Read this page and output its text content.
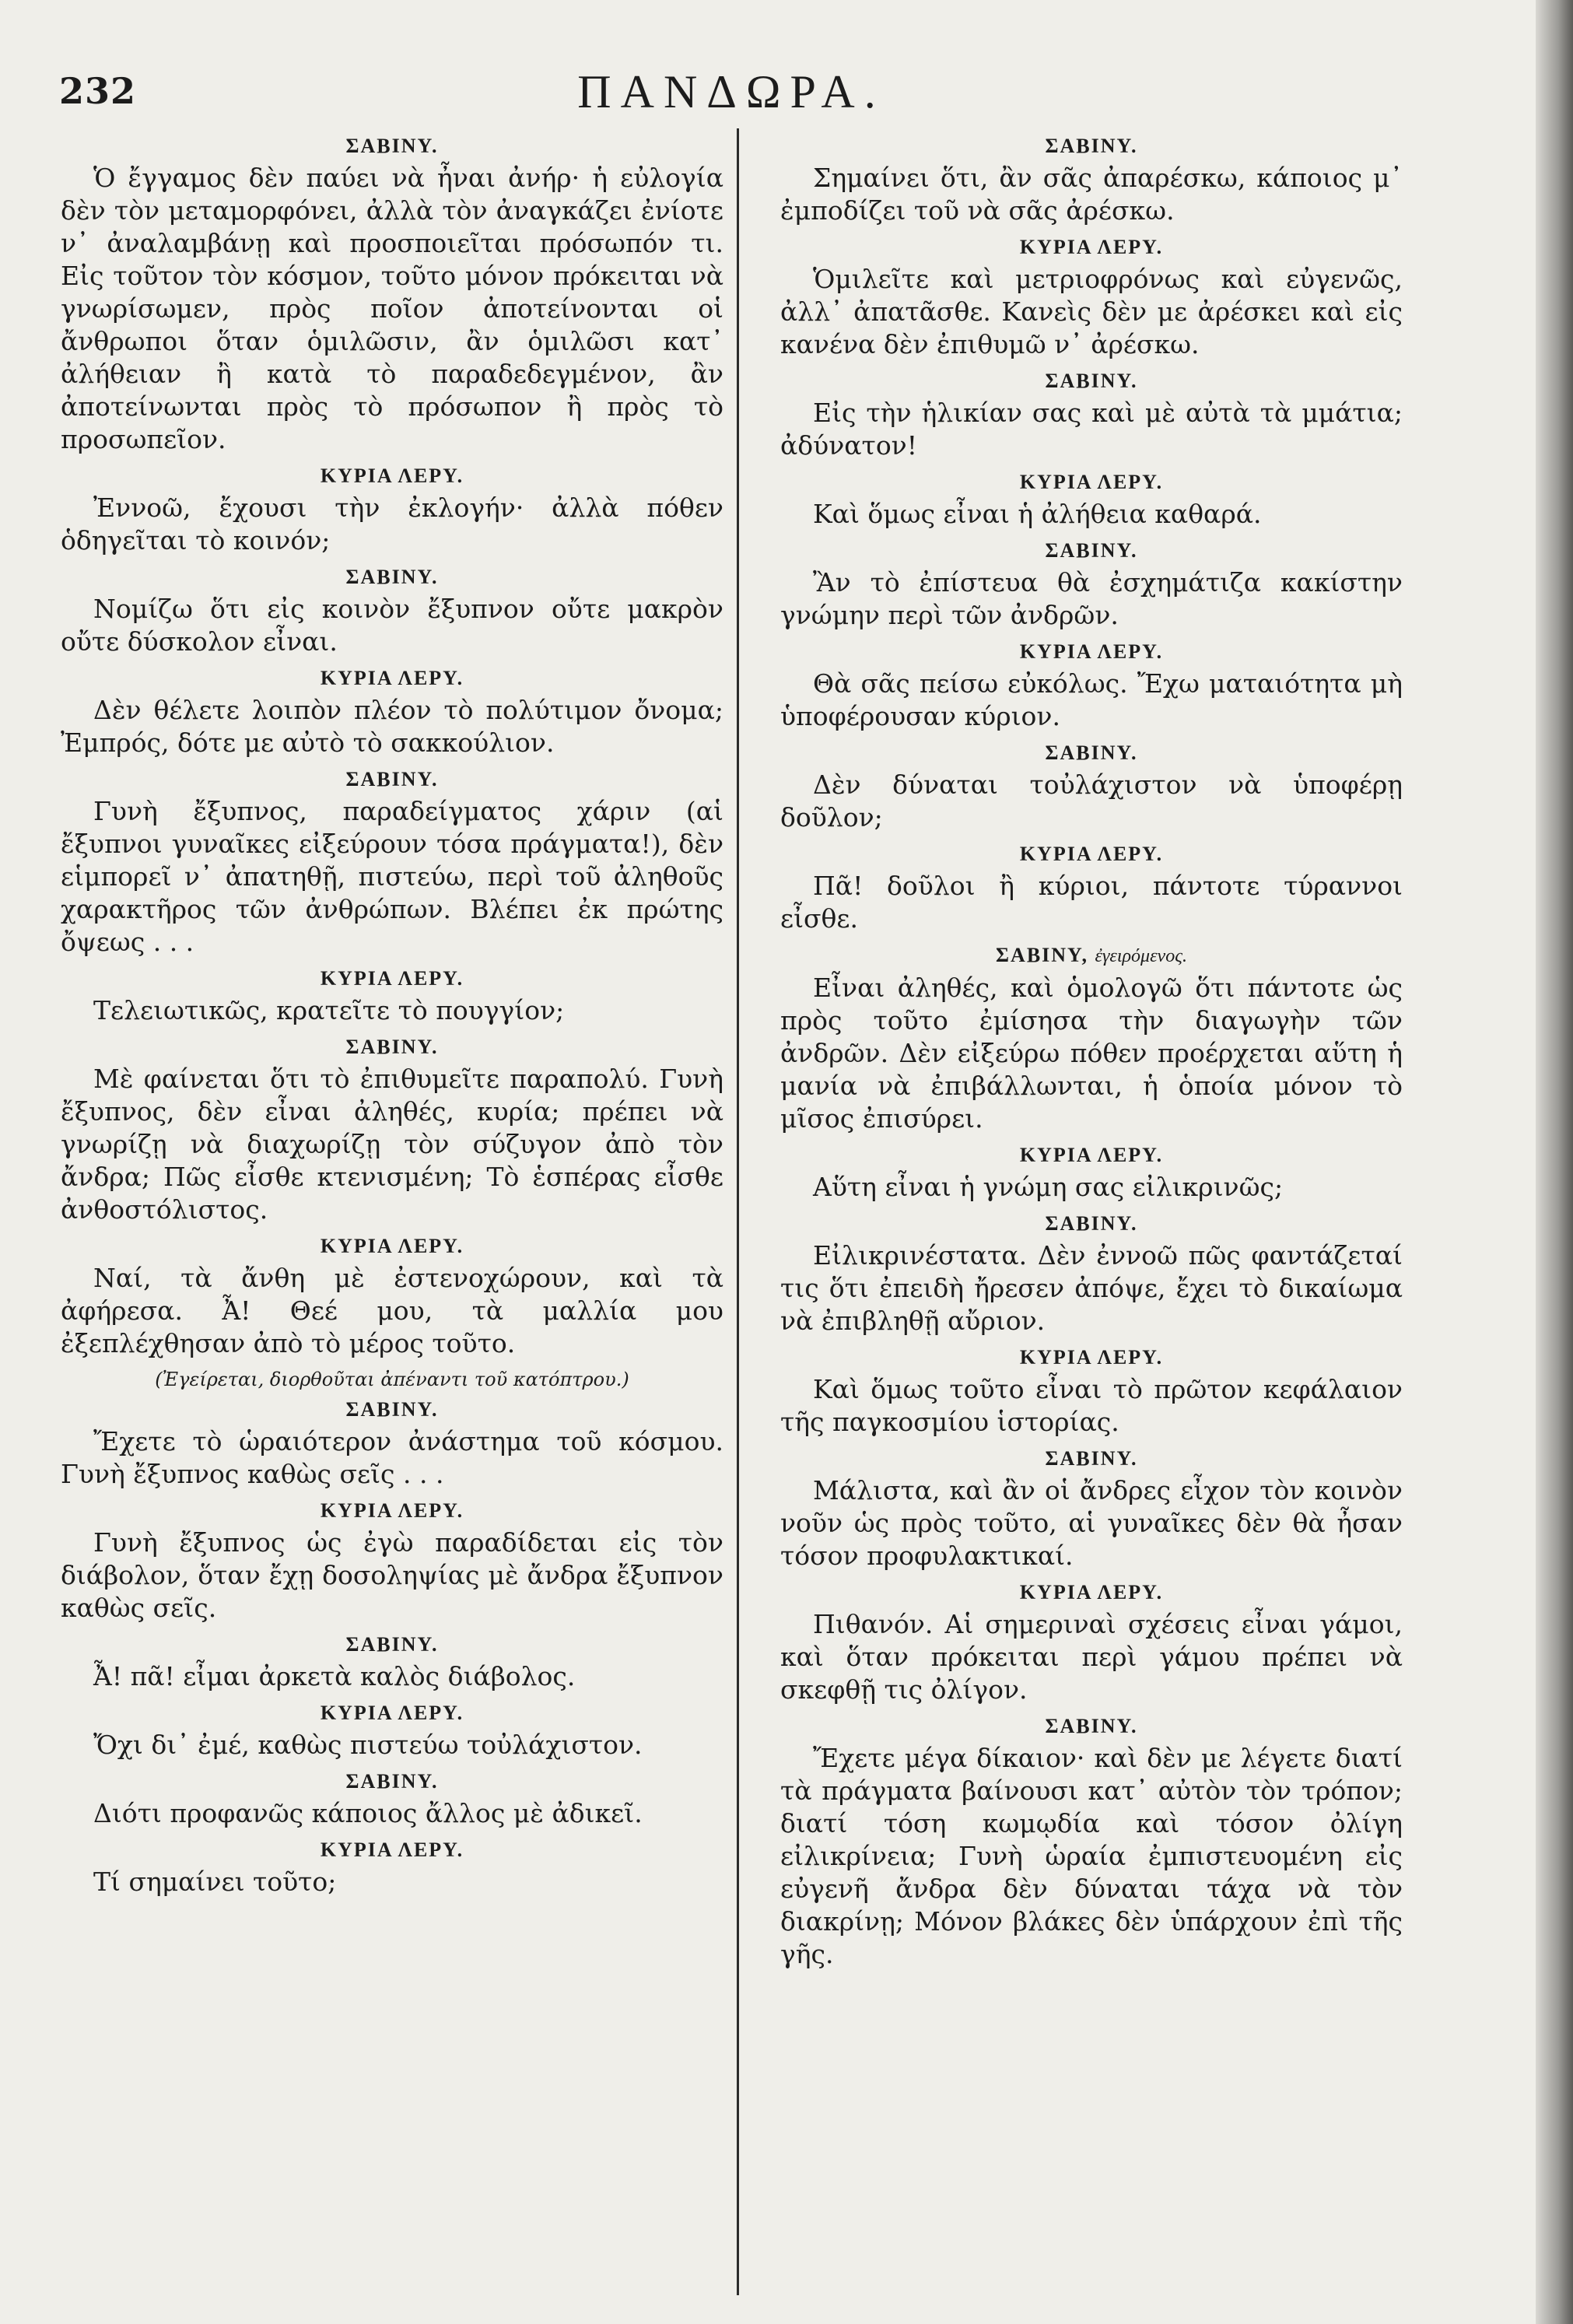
232	ΠΑΝΔΩΡΑ.
ΣΑΒΙΝΥ.

Ὁ ἔγγαμος δὲν παύει νὰ ἦναι ἀνήρ· ἡ εὐλογία δὲν τὸν μεταμορφόνει, ἀλλὰ τὸν ἀναγκάζει ἐνίοτε ν᾿ ἀναλαμβάνῃ καὶ προσποιεῖται πρόσωπόν τι. Εἰς τοῦτον τὸν κόσμον, τοῦτο μόνον πρόκειται νὰ γνωρίσωμεν, πρὸς ποῖον ἀποτείνονται οἱ ἄνθρωποι ὅταν ὁμιλῶσιν, ἂν ὁμιλῶσι κατ᾿ ἀλήθειαν ἢ κατὰ τὸ παραδεδεγμένον, ἂν ἀποτείνωνται πρὸς τὸ πρόσωπον ἢ πρὸς τὸ προσωπεῖον.

ΚΥΡΙΑ ΛΕΡΥ.

Ἐννοῶ, ἔχουσι τὴν ἐκλογήν· ἀλλὰ πόθεν ὁδηγεῖται τὸ κοινόν;

ΣΑΒΙΝΥ.

Νομίζω ὅτι εἰς κοινὸν ἔξυπνον οὔτε μακρὸν οὔτε δύσκολον εἶναι.

ΚΥΡΙΑ ΛΕΡΥ.

Δὲν θέλετε λοιπὸν πλέον τὸ πολύτιμον ὄνομα; Ἐμπρός, δότε με αὐτὸ τὸ σακκούλιον.

ΣΑΒΙΝΥ.

Γυνὴ ἔξυπνος, παραδείγματος χάριν (αἱ ἔξυπνοι γυναῖκες εἰξεύρουν τόσα πράγματα!), δὲν εἱμπορεῖ ν᾿ ἀπατηθῇ, πιστεύω, περὶ τοῦ ἀληθοῦς χαρακτῆρος τῶν ἀνθρώπων. Βλέπει ἐκ πρώτης ὄψεως . . .

ΚΥΡΙΑ ΛΕΡΥ.

Τελειωτικῶς, κρατεῖτε τὸ πουγγίον;

ΣΑΒΙΝΥ.

Μὲ φαίνεται ὅτι τὸ ἐπιθυμεῖτε παραπολύ. Γυνὴ ἔξυπνος, δὲν εἶναι ἀληθές, κυρία; πρέπει νὰ γνωρίζῃ νὰ διαχωρίζῃ τὸν σύζυγον ἀπὸ τὸν ἄνδρα; Πῶς εἶσθε κτενισμένη; Τὸ ἑσπέρας εἶσθε ἀνθοστόλιστος.

ΚΥΡΙΑ ΛΕΡΥ.

Ναί, τὰ ἄνθη μὲ ἐστενοχώρουν, καὶ τὰ ἀφήρεσα. Ἆ! Θεέ μου, τὰ μαλλία μου ἐξεπλέχθησαν ἀπὸ τὸ μέρος τοῦτο.

(Ἐγείρεται, διορθοῦται ἀπέναντι τοῦ κατόπτρου.)
ΣΑΒΙΝΥ.

Ἔχετε τὸ ὡραιότερον ἀνάστημα τοῦ κόσμου. Γυνὴ ἔξυπνος καθὼς σεῖς . . .

ΚΥΡΙΑ ΛΕΡΥ.

Γυνὴ ἔξυπνος ὡς ἐγὼ παραδίδεται εἰς τὸν διάβολον, ὅταν ἔχῃ δοσοληψίας μὲ ἄνδρα ἔξυπνον καθὼς σεῖς.

ΣΑΒΙΝΥ.

Ἆ! πᾶ! εἶμαι ἀρκετὰ καλὸς διάβολος.

ΚΥΡΙΑ ΛΕΡΥ.

Ὄχι δι᾿ ἐμέ, καθὼς πιστεύω τοὐλάχιστον.

ΣΑΒΙΝΥ.

Διότι προφανῶς κάποιος ἄλλος μὲ ἀδικεῖ.

ΚΥΡΙΑ ΛΕΡΥ.

Τί σημαίνει τοῦτο;

ΣΑΒΙΝΥ.

Σημαίνει ὅτι, ἂν σᾶς ἀπαρέσκω, κάποιος μ᾿ ἐμποδίζει τοῦ νὰ σᾶς ἀρέσκω.

ΚΥΡΙΑ ΛΕΡΥ.

Ὁμιλεῖτε καὶ μετριοφρόνως καὶ εὐγενῶς, ἀλλ᾿ ἀπατᾶσθε. Κανεὶς δὲν με ἀρέσκει καὶ εἰς κανένα δὲν ἐπιθυμῶ ν᾿ ἀρέσκω.

ΣΑΒΙΝΥ.

Εἰς τὴν ἡλικίαν σας καὶ μὲ αὐτὰ τὰ μμάτια; ἀδύνατον!

ΚΥΡΙΑ ΛΕΡΥ.

Καὶ ὅμως εἶναι ἡ ἀλήθεια καθαρά.

ΣΑΒΙΝΥ.

Ἂν τὸ ἐπίστευα θὰ ἐσχημάτιζα κακίστην γνώμην περὶ τῶν ἀνδρῶν.

ΚΥΡΙΑ ΛΕΡΥ.

Θὰ σᾶς πείσω εὐκόλως. Ἔχω ματαιότητα μὴ ὑποφέρουσαν κύριον.

ΣΑΒΙΝΥ.

Δὲν δύναται τοὐλάχιστον νὰ ὑποφέρῃ δοῦλον;

ΚΥΡΙΑ ΛΕΡΥ.

Πᾶ! δοῦλοι ἢ κύριοι, πάντοτε τύραννοι εἶσθε.

ΣΑΒΙΝΥ, ἐγειρόμενος.

Εἶναι ἀληθές, καὶ ὁμολογῶ ὅτι πάντοτε ὡς πρὸς τοῦτο ἐμίσησα τὴν διαγωγὴν τῶν ἀνδρῶν. Δὲν εἰξεύρω πόθεν προέρχεται αὕτη ἡ μανία νὰ ἐπιβάλλωνται, ἡ ὁποία μόνον τὸ μῖσος ἐπισύρει.

ΚΥΡΙΑ ΛΕΡΥ.

Αὕτη εἶναι ἡ γνώμη σας εἰλικρινῶς;

ΣΑΒΙΝΥ.

Εἰλικρινέστατα. Δὲν ἐννοῶ πῶς φαντάζεταί τις ὅτι ἐπειδὴ ἤρεσεν ἀπόψε, ἔχει τὸ δικαίωμα νὰ ἐπιβληθῇ αὔριον.

ΚΥΡΙΑ ΛΕΡΥ.

Καὶ ὅμως τοῦτο εἶναι τὸ πρῶτον κεφάλαιον τῆς παγκοσμίου ἱστορίας.

ΣΑΒΙΝΥ.

Μάλιστα, καὶ ἂν οἱ ἄνδρες εἶχον τὸν κοινὸν νοῦν ὡς πρὸς τοῦτο, αἱ γυναῖκες δὲν θὰ ἦσαν τόσον προφυλακτικαί.

ΚΥΡΙΑ ΛΕΡΥ.

Πιθανόν. Αἱ σημεριναὶ σχέσεις εἶναι γάμοι, καὶ ὅταν πρόκειται περὶ γάμου πρέπει νὰ σκεφθῇ τις ὀλίγον.

ΣΑΒΙΝΥ.

Ἔχετε μέγα δίκαιον· καὶ δὲν με λέγετε διατί τὰ πράγματα βαίνουσι κατ᾿ αὐτὸν τὸν τρόπον; διατί τόση κωμῳδία καὶ τόσον ὀλίγη εἰλικρίνεια; Γυνὴ ὡραία ἐμπιστευομένη εἰς εὐγενῆ ἄνδρα δὲν δύναται τάχα νὰ τὸν διακρίνῃ; Μόνον βλάκες δὲν ὑπάρχουν ἐπὶ τῆς γῆς.
